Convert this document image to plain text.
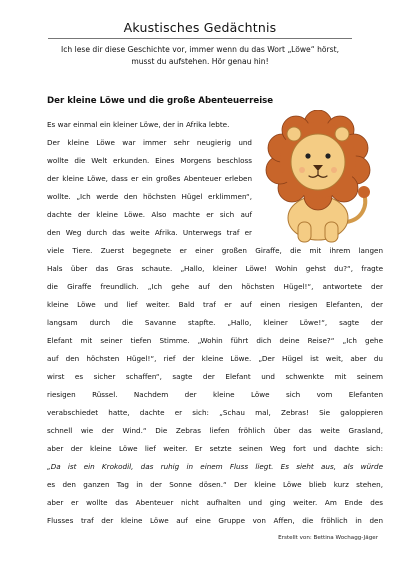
Akustisches Gedächtnis
Ich lese dir diese Geschichte vor, immer wenn du das Wort „Löwe“ hörst,
musst du aufstehen. Hör genau hin!
Der kleine Löwe und die große Abenteuerreise
Es war einmal ein kleiner Löwe, der in Afrika lebte.
Der kleine Löwe war immer sehr neugierig und
wollte die Welt erkunden. Eines Morgens beschloss
der kleine Löwe, dass er ein großes Abenteuer erleben
wollte. „Ich werde den höchsten Hügel erklimmen“,
dachte der kleine Löwe. Also machte er sich auf
den Weg durch das weite Afrika. Unterwegs traf er
viele Tiere. Zuerst begegnete er einer großen Giraffe, die mit ihrem langen
Hals über das Gras schaute. „Hallo, kleiner Löwe! Wohin gehst du?“, fragte
die Giraffe freundlich. „Ich gehe auf den höchsten Hügel!“, antwortete der
kleine Löwe und lief weiter. Bald traf er auf einen riesigen Elefanten, der
langsam durch die Savanne stapfte. „Hallo, kleiner Löwe!“, sagte der
Elefant mit seiner tiefen Stimme. „Wohin führt dich deine Reise?“ „Ich gehe
auf den höchsten Hügel!“, rief der kleine Löwe. „Der Hügel ist weit, aber du
wirst es sicher schaffen“, sagte der Elefant und schwenkte mit seinem
riesigen Rüssel. Nachdem der kleine Löwe sich vom Elefanten
verabschiedet hatte, dachte er sich: „Schau mal, Zebras! Sie galoppieren
schnell wie der Wind.“ Die Zebras liefen fröhlich über das weite Grasland,
aber der kleine Löwe lief weiter. Er setzte seinen Weg fort und dachte sich:
„Da ist ein Krokodil, das ruhig in einem Fluss liegt. Es sieht aus, als würde
es den ganzen Tag in der Sonne dösen.“ Der kleine Löwe blieb kurz stehen,
aber er wollte das Abenteuer nicht aufhalten und ging weiter. Am Ende des
Flusses traf der kleine Löwe auf eine Gruppe von Affen, die fröhlich in den
Erstellt von: Bettina Wochagg-Jäger
